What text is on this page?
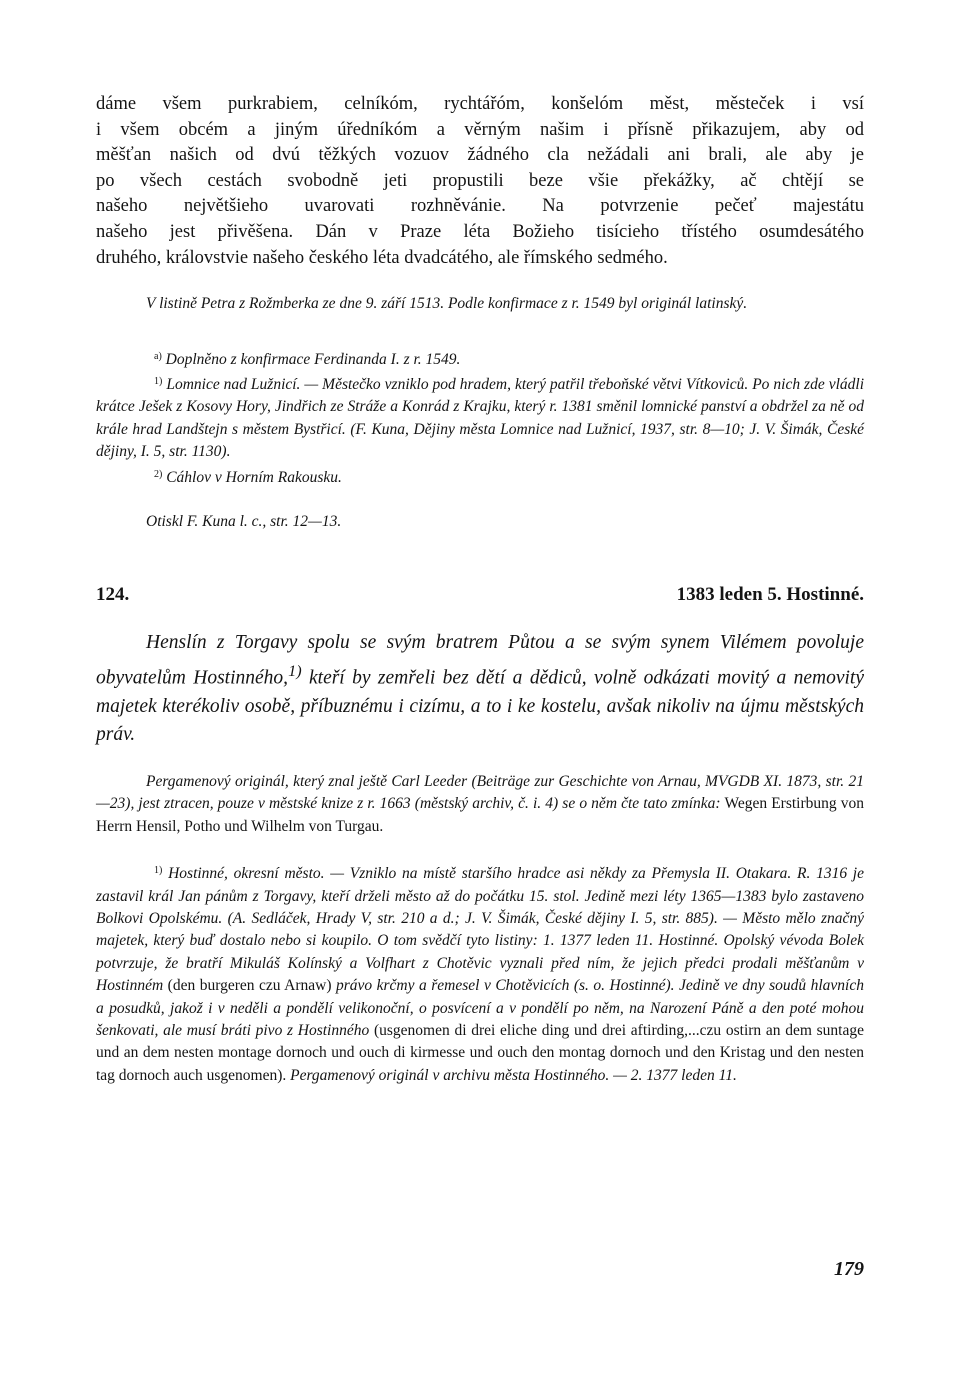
dáme všem purkrabiem, celníkóm, rychtářóm, konšelóm měst, městeček i vsí
i všem obcém a jiným úředníkóm a věrným našim i přísně přikazujem, aby od
měšťan našich od dvú těžkých vozuov žádného cla nežádali ani brali, ale aby je
po všech cestách svobodně jeti propustili beze všie překážky, ač chtějí se
našeho největšieho uvarovati rozhněvánie. Na potvrzenie pečeť majestátu
našeho jest přivěšena. Dán v Praze léta Božieho tisícieho třístého osumdesátého
druhého, královstvie našeho českého léta dvadcátého, ale římského sedmého.

V listině Petra z Rožmberka ze dne 9. září 1513. Podle konfirmace z r. 1549 byl originál latinský.

$^{a)}$ Doplněno z konfirmace Ferdinanda I. z r. 1549.
$^{1)}$ Lomnice nad Lužnicí. — Městečko vzniklo pod hradem, který patřil třeboňské větvi Vítkoviců. Po nich zde vládli krátce Ješek z Kosovy Hory, Jindřich ze Stráže a Konrád z Krajku, který r. 1381 směnil lomnické panství a obdržel za ně od krále hrad Landštejn s městem Bystřicí. (F. Kuna, Dějiny města Lomnice nad Lužnicí, 1937, str. 8—10; J. V. Šimák, České dějiny, I. 5, str. 1130).
$^{2)}$ Cáhlov v Horním Rakousku.

Otiskl F. Kuna l. c., str. 12—13.

124.	1383 leden 5. Hostinné.

Henslín z Torgavy spolu se svým bratrem Půtou a se svým synem Vilémem povoluje obyvatelům Hostinného,$^{1)}$ kteří by zemřeli bez dětí a dědiců, volně odkázati movitý a nemovitý majetek kterékoliv osobě, příbuznému i cizímu, a to i ke kostelu, avšak nikoliv na újmu městských práv.

Pergamenový originál, který znal ještě Carl Leeder (Beiträge zur Geschichte von Arnau, MVGDB XI. 1873, str. 21—23), jest ztracen, pouze v městské knize z r. 1663 (městský archiv, č. i. 4) se o něm čte tato zmínka: Wegen Erstirbung von Herrn Hensil, Potho und Wilhelm von Turgau.

$^{1)}$ Hostinné, okresní město. — Vzniklo na místě staršího hradce asi někdy za Přemysla II. Otakara. R. 1316 je zastavil král Jan pánům z Torgavy, kteří drželi město až do počátku 15. stol. Jedině mezi léty 1365—1383 bylo zastaveno Bolkovi Opolskému. (A. Sedláček, Hrady V, str. 210 a d.; J. V. Šimák, České dějiny I. 5, str. 885). — Město mělo značný majetek, který buď dostalo nebo si koupilo. O tom svědčí tyto listiny: 1. 1377 leden 11. Hostinné. Opolský vévoda Bolek potvrzuje, že bratří Mikuláš Kolínský a Volfhart z Chotěvic vyznali před ním, že jejich předci prodali měšťanům v Hostinném (den burgeren czu Arnaw) právo krčmy a řemesel v Chotěvicích (s. o. Hostinné). Jedině ve dny soudů hlavních a posudků, jakož i v neděli a pondělí velikonoční, o posvícení a v pondělí po něm, na Narození Páně a den poté mohou šenkovati, ale musí bráti pivo z Hostinného (usgenomen di drei eliche ding und drei aftirding,...czu ostirn an dem suntage und an dem nesten montage dornoch und ouch di kirmesse und ouch den montag dornoch und den Kristag und den nesten tag dornoch auch usgenomen). Pergamenový originál v archivu města Hostinného. — 2. 1377 leden 11.

179
